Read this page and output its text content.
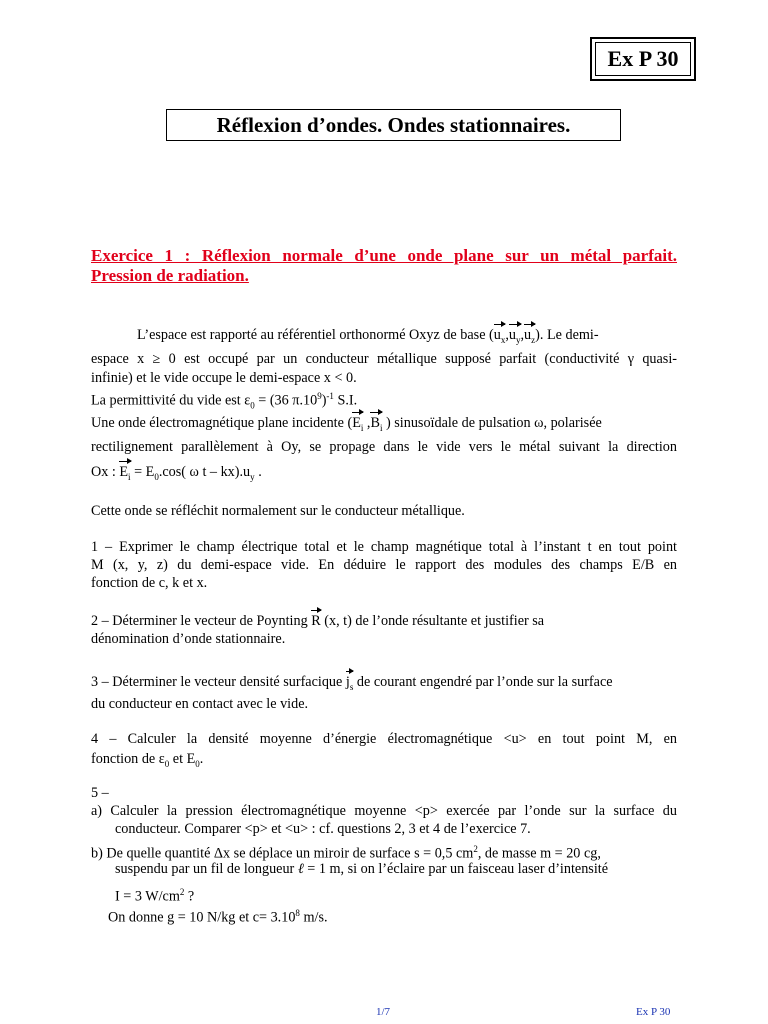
Ex P 30
Réflexion d’ondes. Ondes stationnaires.
Exercice 1 : Réflexion normale d’une onde plane sur un métal parfait.
Pression de radiation.
L’espace est rapporté au référentiel orthonormé Oxyz de base $(u_x,u_y,u_z)$. Le demi-
espace x ≥ 0 est occupé par un conducteur métallique supposé parfait (conductivité γ quasi-
infinie) et le vide occupe le demi-espace x < 0.
La permittivité du vide est $\varepsilon_0 = (36$ $\pi.10^9)^{-1}$ S.I.
Une onde électromagnétique plane incidente ($E_i$ $,B_i$ ) sinusoïdale de pulsation ω, polarisée
rectilignement parallèlement à Oy, se propage dans le vide vers le métal suivant la direction
Ox : $E_i = E_0.\cos$( ω t – $kx).u_y$ .
Cette onde se réfléchit normalement sur le conducteur métallique.
1 – Exprimer le champ électrique total et le champ magnétique total à l’instant t en tout point
M (x, y, z) du demi-espace vide. En déduire le rapport des modules des champs E/B en
fonction de c, k et x.
2 – Déterminer le vecteur de Poynting R (x, t) de l’onde résultante et justifier sa
dénomination d’onde stationnaire.
3 – Déterminer le vecteur densité surfacique $j_s$ de courant engendré par l’onde sur la surface
du conducteur en contact avec le vide.
4 – Calculer la densité moyenne d’énergie électromagnétique <u> en tout point M, en
fonction de $\varepsilon_0$ et $E_0$.
5 –
a) Calculer la pression électromagnétique moyenne <p> exercée par l’onde sur la surface du
conducteur. Comparer <p> et <u> : cf. questions 2, 3 et 4 de l’exercice 7.
b) De quelle quantité Δx se déplace un miroir de surface s = 0,5 $cm^2$, de masse m = 20 cg,
suspendu par un fil de longueur ℓ = 1 m, si on l’éclaire par un faisceau laser d’intensité
I = 3 $W/cm^2$ ?
On donne g = 10 N/kg et $c= 3.10^8$ m/s.
1/7	Ex P 30
